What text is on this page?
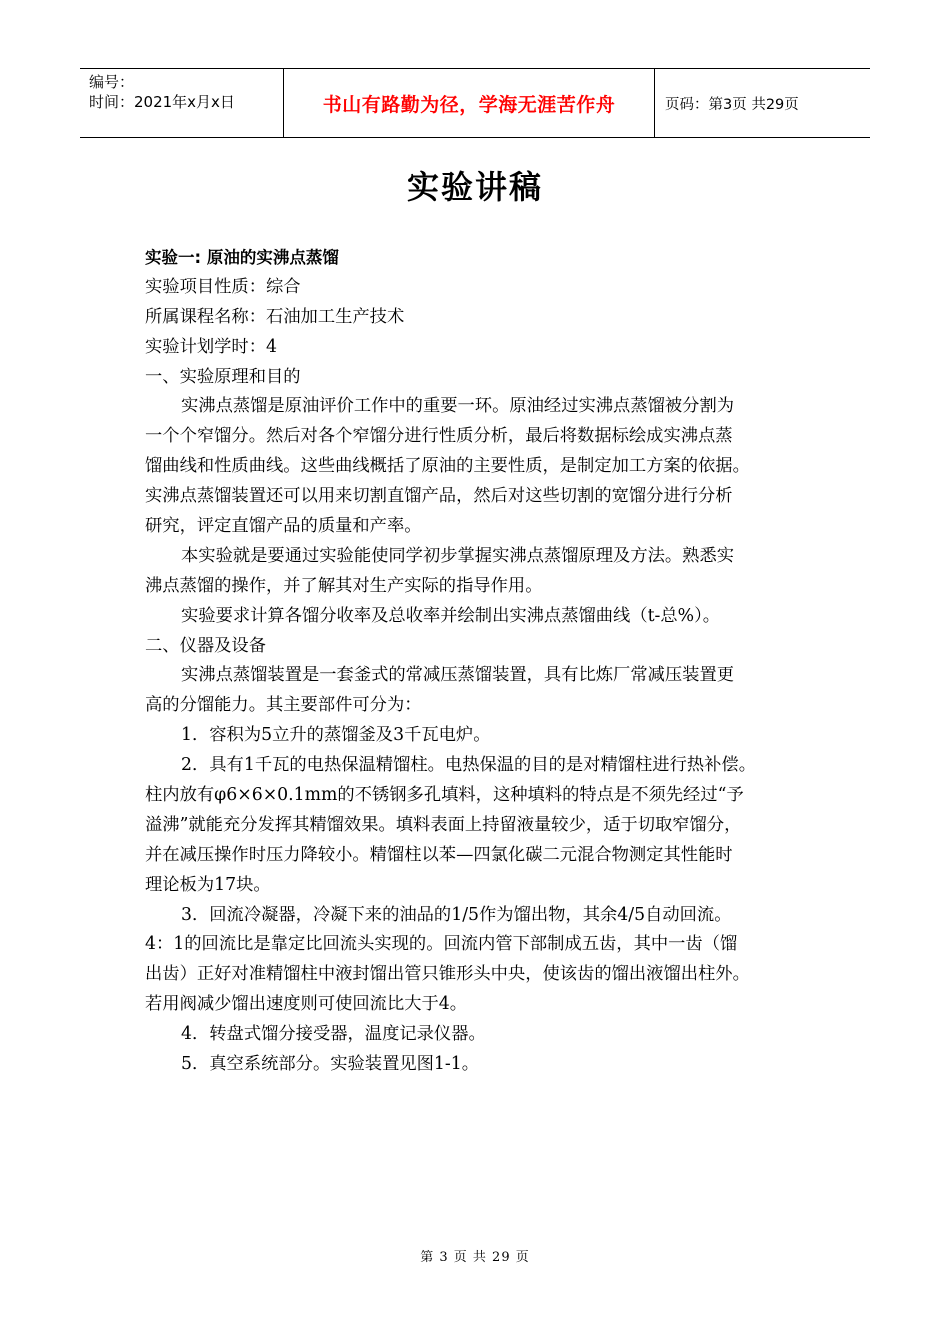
编号：
时间：2021年x月x日	书山有路勤为径，学海无涯苦作舟	页码：第3页 共29页
实验讲稿
实验一: 原油的实沸点蒸馏
实验项目性质：综合
所属课程名称：石油加工生产技术
实验计划学时：4
一、实验原理和目的
实沸点蒸馏是原油评价工作中的重要一环。原油经过实沸点蒸馏被分割为
一个个窄馏分。然后对各个窄馏分进行性质分析，最后将数据标绘成实沸点蒸
馏曲线和性质曲线。这些曲线概括了原油的主要性质，是制定加工方案的依据。
实沸点蒸馏装置还可以用来切割直馏产品，然后对这些切割的宽馏分进行分析
研究，评定直馏产品的质量和产率。
本实验就是要通过实验能使同学初步掌握实沸点蒸馏原理及方法。熟悉实
沸点蒸馏的操作，并了解其对生产实际的指导作用。
实验要求计算各馏分收率及总收率并绘制出实沸点蒸馏曲线（t-总%）。
二、仪器及设备
实沸点蒸馏装置是一套釜式的常减压蒸馏装置，具有比炼厂常减压装置更
高的分馏能力。其主要部件可分为：
1．容积为5立升的蒸馏釜及3千瓦电炉。
2．具有1千瓦的电热保温精馏柱。电热保温的目的是对精馏柱进行热补偿。
柱内放有φ6×6×0.1mm的不锈钢多孔填料，这种填料的特点是不须先经过“予
溢沸”就能充分发挥其精馏效果。填料表面上持留液量较少，适于切取窄馏分，
并在减压操作时压力降较小。精馏柱以苯—四氯化碳二元混合物测定其性能时
理论板为17块。
3．回流冷凝器，冷凝下来的油品的1/5作为馏出物，其余4/5自动回流。
4：1的回流比是靠定比回流头实现的。回流内管下部制成五齿，其中一齿（馏
出齿）正好对准精馏柱中液封馏出管只锥形头中央，使该齿的馏出液馏出柱外。
若用阀减少馏出速度则可使回流比大于4。
4．转盘式馏分接受器，温度记录仪器。
5．真空系统部分。实验装置见图1-1。
第 3 页 共 29 页
